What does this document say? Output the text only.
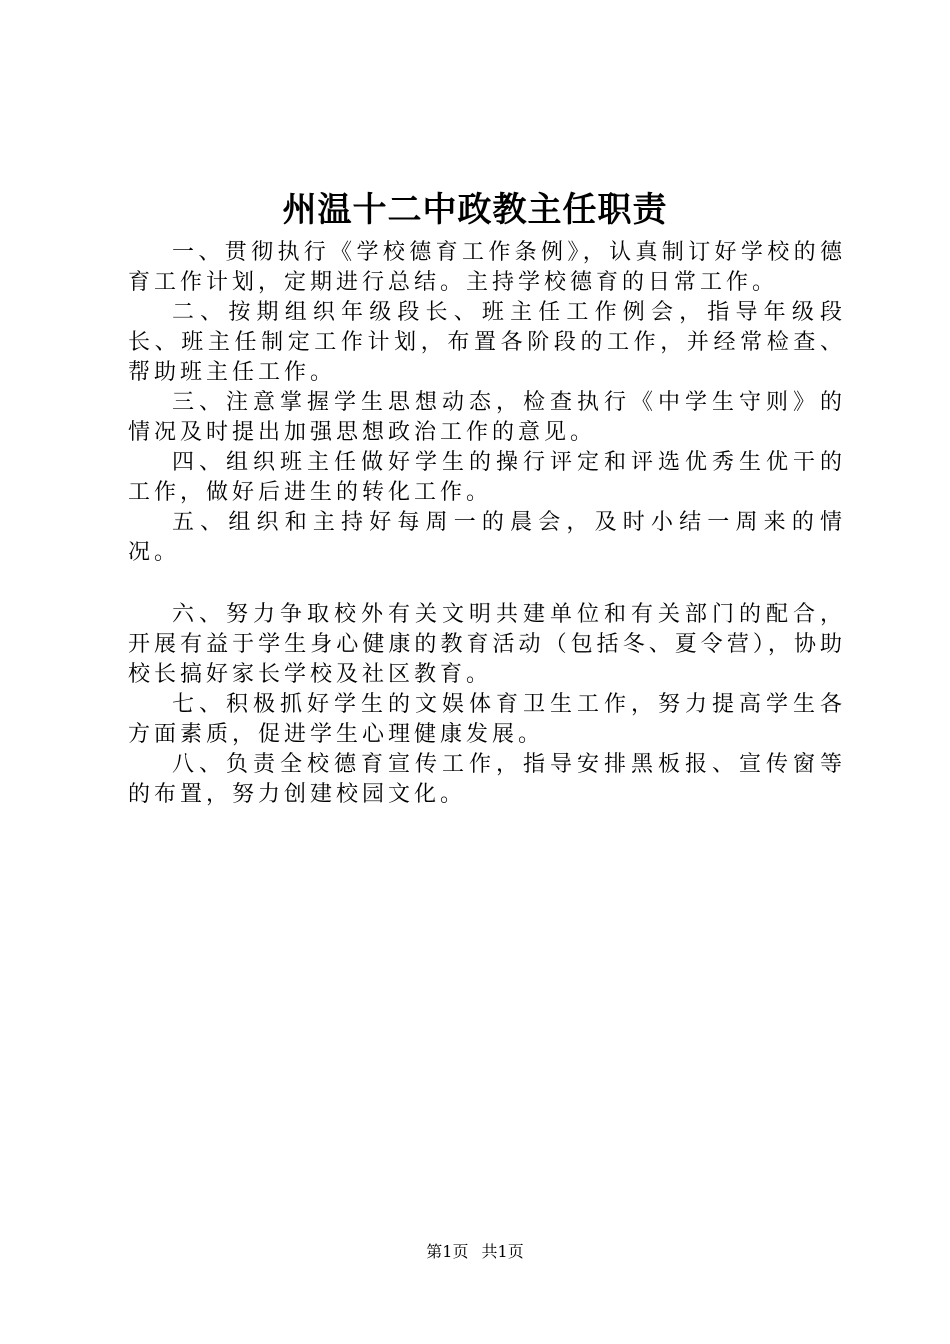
州温十二中政教主任职责

一、贯彻执行《学校德育工作条例》，认真制订好学校的德育工作计划，定期进行总结。主持学校德育的日常工作。

二、按期组织年级段长、班主任工作例会，指导年级段长、班主任制定工作计划，布置各阶段的工作，并经常检查、帮助班主任工作。

三、注意掌握学生思想动态，检查执行《中学生守则》的情况及时提出加强思想政治工作的意见。

四、组织班主任做好学生的操行评定和评选优秀生优干的工作，做好后进生的转化工作。

五、组织和主持好每周一的晨会，及时小结一周来的情况。

六、努力争取校外有关文明共建单位和有关部门的配合，开展有益于学生身心健康的教育活动（包括冬、夏令营），协助校长搞好家长学校及社区教育。

七、积极抓好学生的文娱体育卫生工作，努力提高学生各方面素质，促进学生心理健康发展。

八、负责全校德育宣传工作，指导安排黑板报、宣传窗等的布置，努力创建校园文化。

第1页 共1页
